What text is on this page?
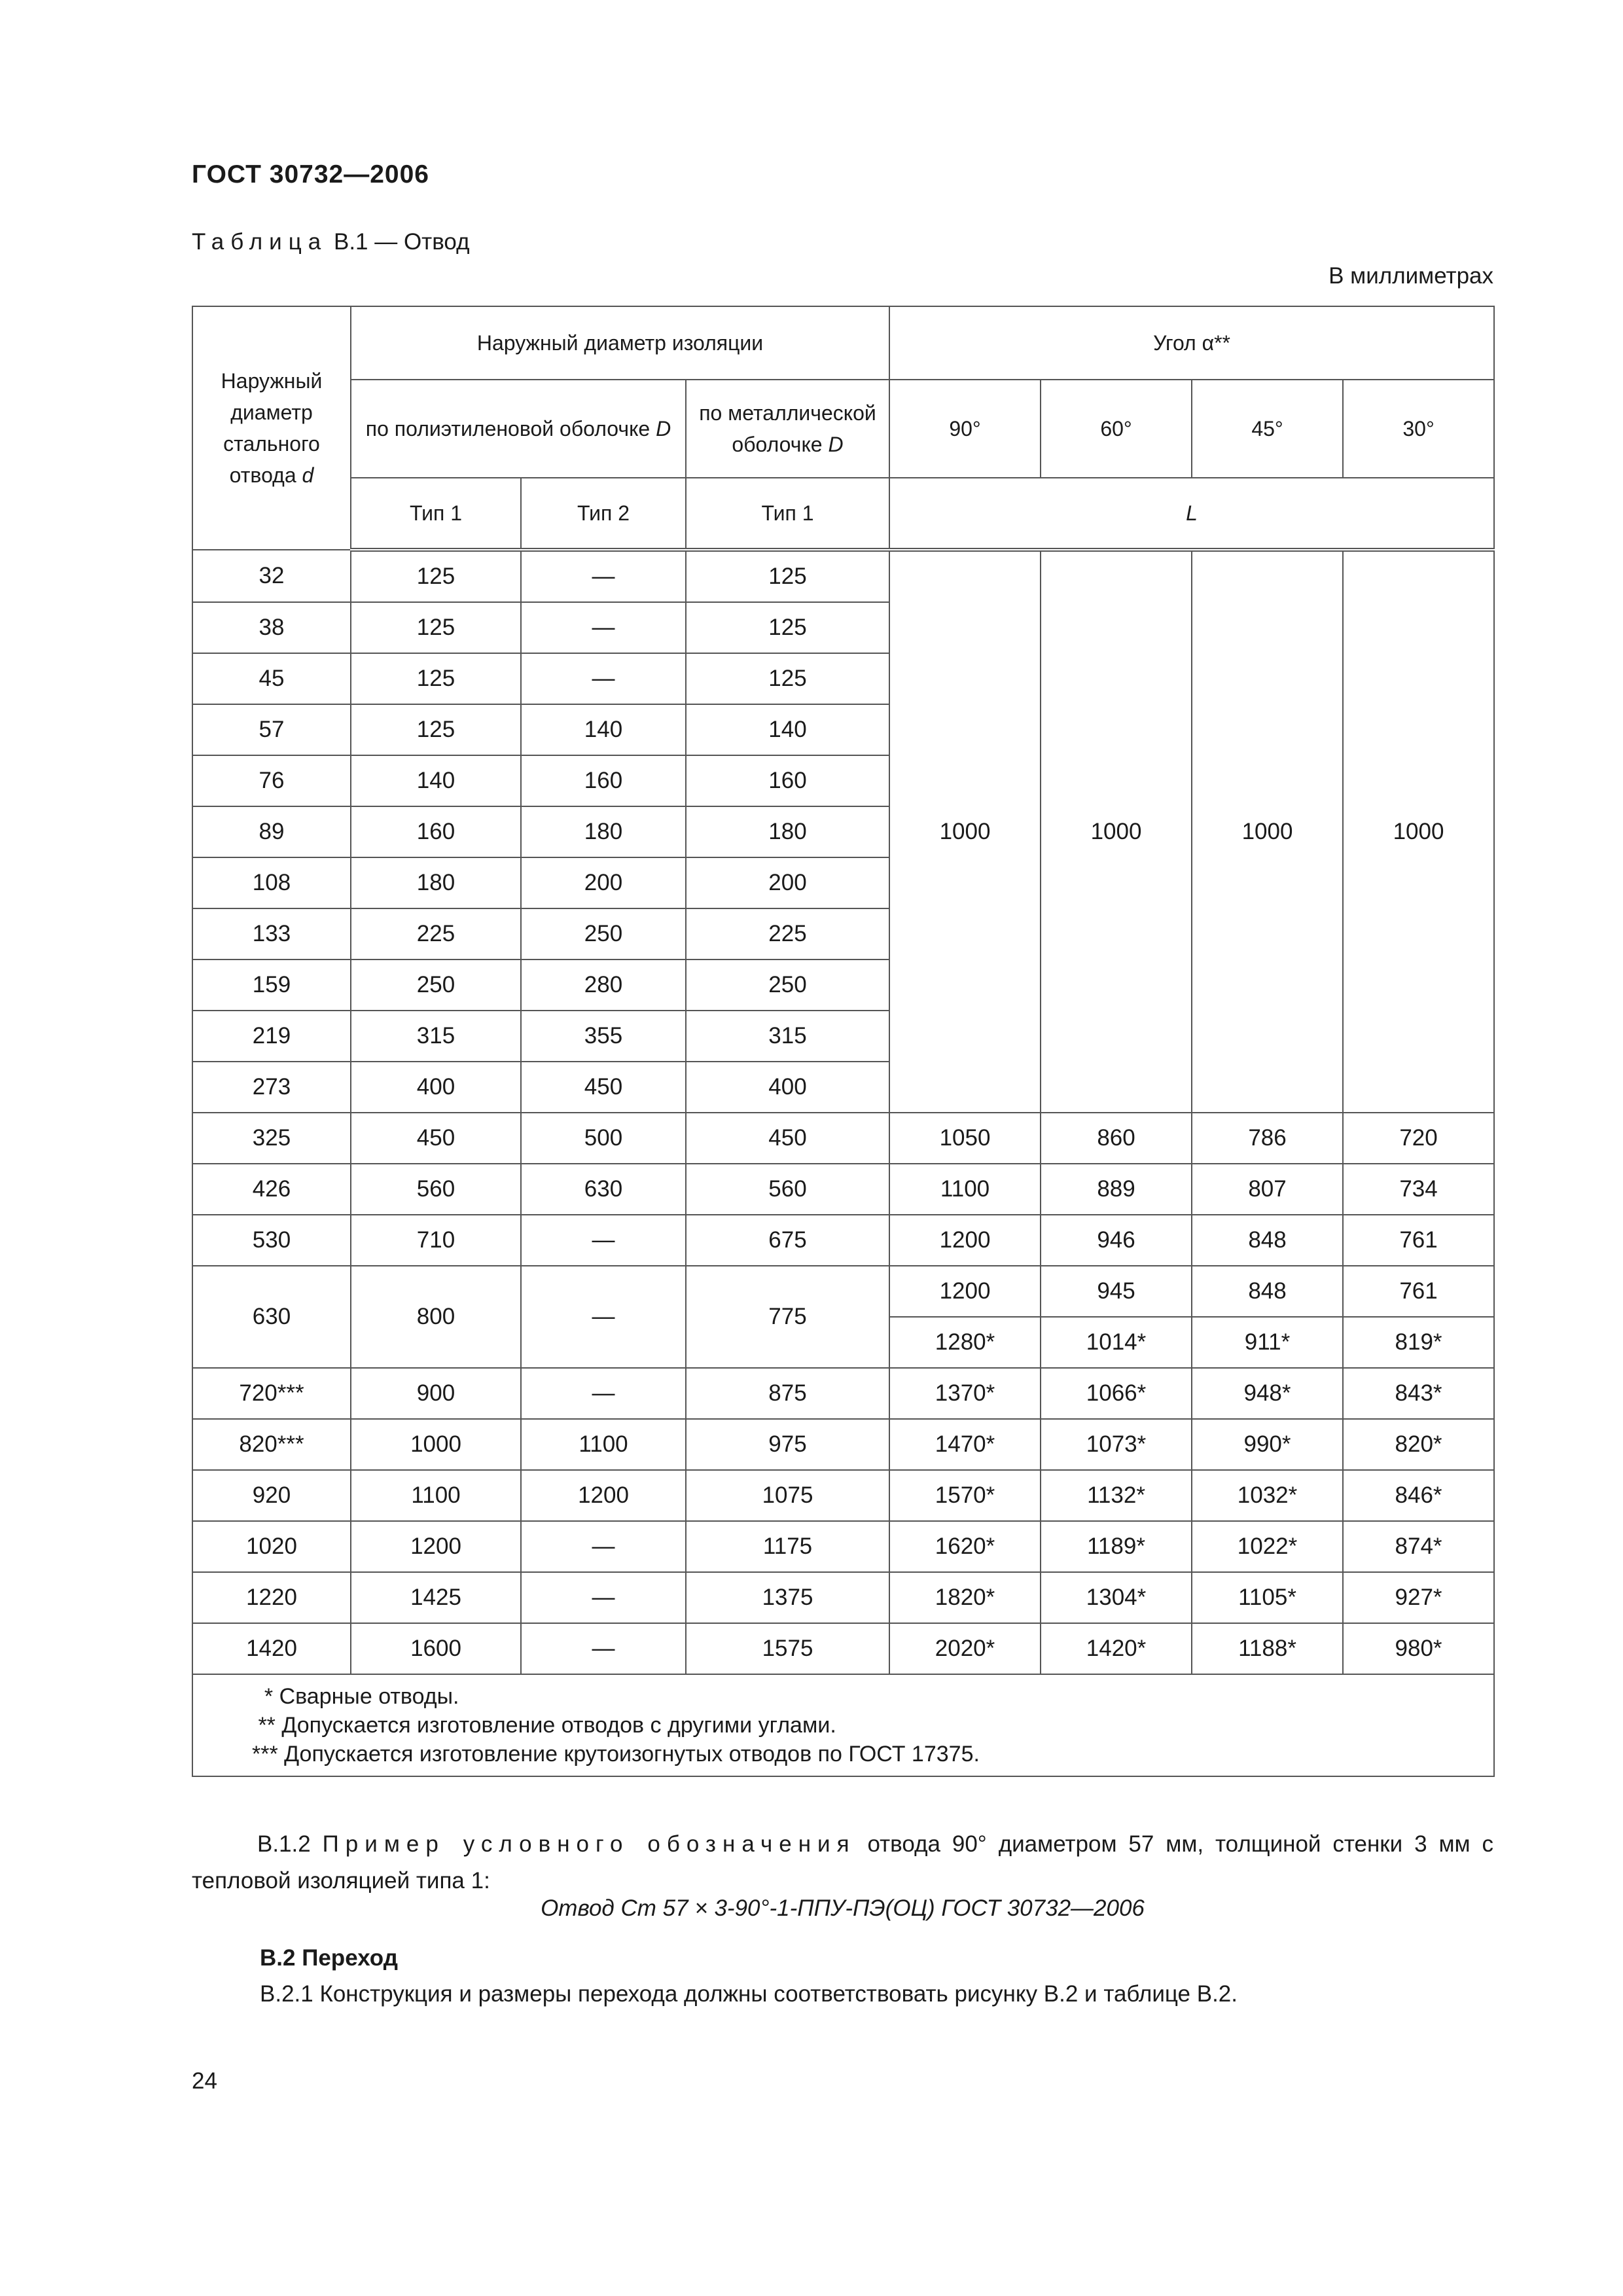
ГОСТ 30732—2006
Таблица В.1 — Отвод
В миллиметрах
Наружный диаметр стального отвода d	Наружный диаметр изоляции			Угол α**			
	по полиэтиленовой оболочке D		по металлической оболочке D	90°	60°	45°	30°
	Тип 1	Тип 2	Тип 1	L			
32	125	—	125	1000	1000	1000	1000
38	125	—	125				
45	125	—	125				
57	125	140	140				
76	140	160	160				
89	160	180	180				
108	180	200	200				
133	225	250	225				
159	250	280	250				
219	315	355	315				
273	400	450	400				
325	450	500	450	1050	860	786	720
426	560	630	560	1100	889	807	734
530	710	—	675	1200	946	848	761
630	800	—	775	1200	945	848	761
				1280*	1014*	911*	819*
720***	900	—	875	1370*	1066*	948*	843*
820***	1000	1100	975	1470*	1073*	990*	820*
920	1100	1200	1075	1570*	1132*	1032*	846*
1020	1200	—	1175	1620*	1189*	1022*	874*
1220	1425	—	1375	1820*	1304*	1105*	927*
1420	1600	—	1575	2020*	1420*	1188*	980*

* Сварные отводы.
** Допускается изготовление отводов с другими углами.
*** Допускается изготовление крутоизогнутых отводов по ГОСТ 17375.							
В.1.2 Пример условного обозначения отвода 90° диаметром 57 мм, толщиной стенки 3 мм с тепловой изоляцией типа 1:
Отвод Ст 57 × 3-90°-1-ППУ-ПЭ(ОЦ) ГОСТ 30732—2006
В.2 Переход
В.2.1 Конструкция и размеры перехода должны соответствовать рисунку В.2 и таблице В.2.
24
